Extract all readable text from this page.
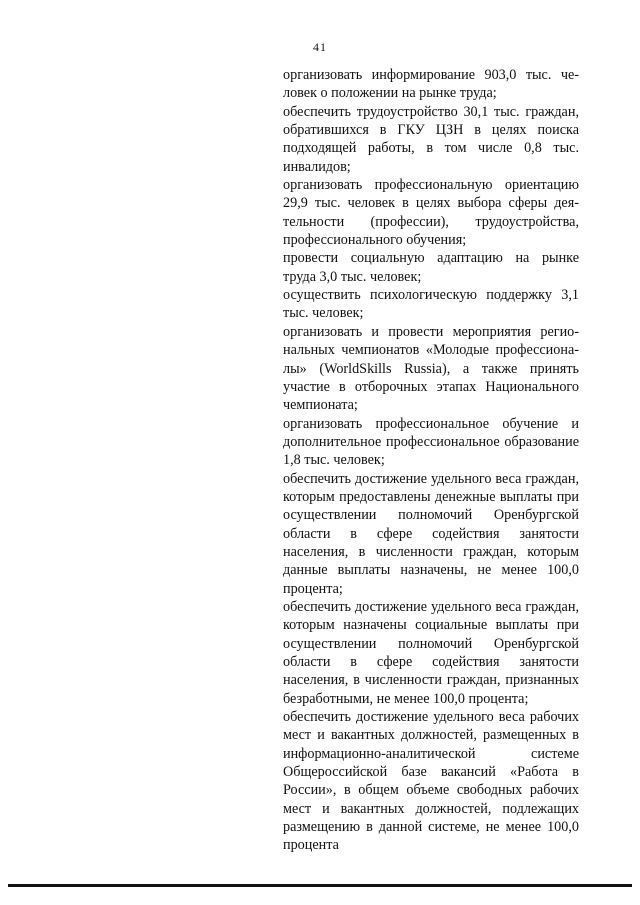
41

организовать информирование 903,0 тыс. человек о положении на рынке труда;

обеспечить трудоустройство 30,1 тыс. граждан, обратившихся в ГКУ ЦЗН в целях поиска подходящей работы, в том числе 0,8 тыс. инвалидов;

организовать профессиональную ориентацию 29,9 тыс. человек в целях выбора сферы деятельности (профессии), трудоустройства, профессионального обучения;

провести социальную адаптацию на рынке труда 3,0 тыс. человек;

осуществить психологическую поддержку 3,1 тыс. человек;

организовать и провести мероприятия региональных чемпионатов «Молодые профессионалы» (WorldSkills Russia), а также принять участие в отборочных этапах Национального чемпионата;

организовать профессиональное обучение и дополнительное профессиональное образование 1,8 тыс. человек;

обеспечить достижение удельного веса граждан, которым предоставлены денежные выплаты при осуществлении полномочий Оренбургской области в сфере содействия занятости населения, в численности граждан, которым данные выплаты назначены, не менее 100,0 процента;

обеспечить достижение удельного веса граждан, которым назначены социальные выплаты при осуществлении полномочий Оренбургской области в сфере содействия занятости населения, в численности граждан, признанных безработными, не менее 100,0 процента;

обеспечить достижение удельного веса рабочих мест и вакантных должностей, размещенных в информационно-аналитической системе Общероссийской базе вакансий «Работа в России», в общем объеме свободных рабочих мест и вакантных должностей, подлежащих размещению в данной системе, не менее 100,0 процента
